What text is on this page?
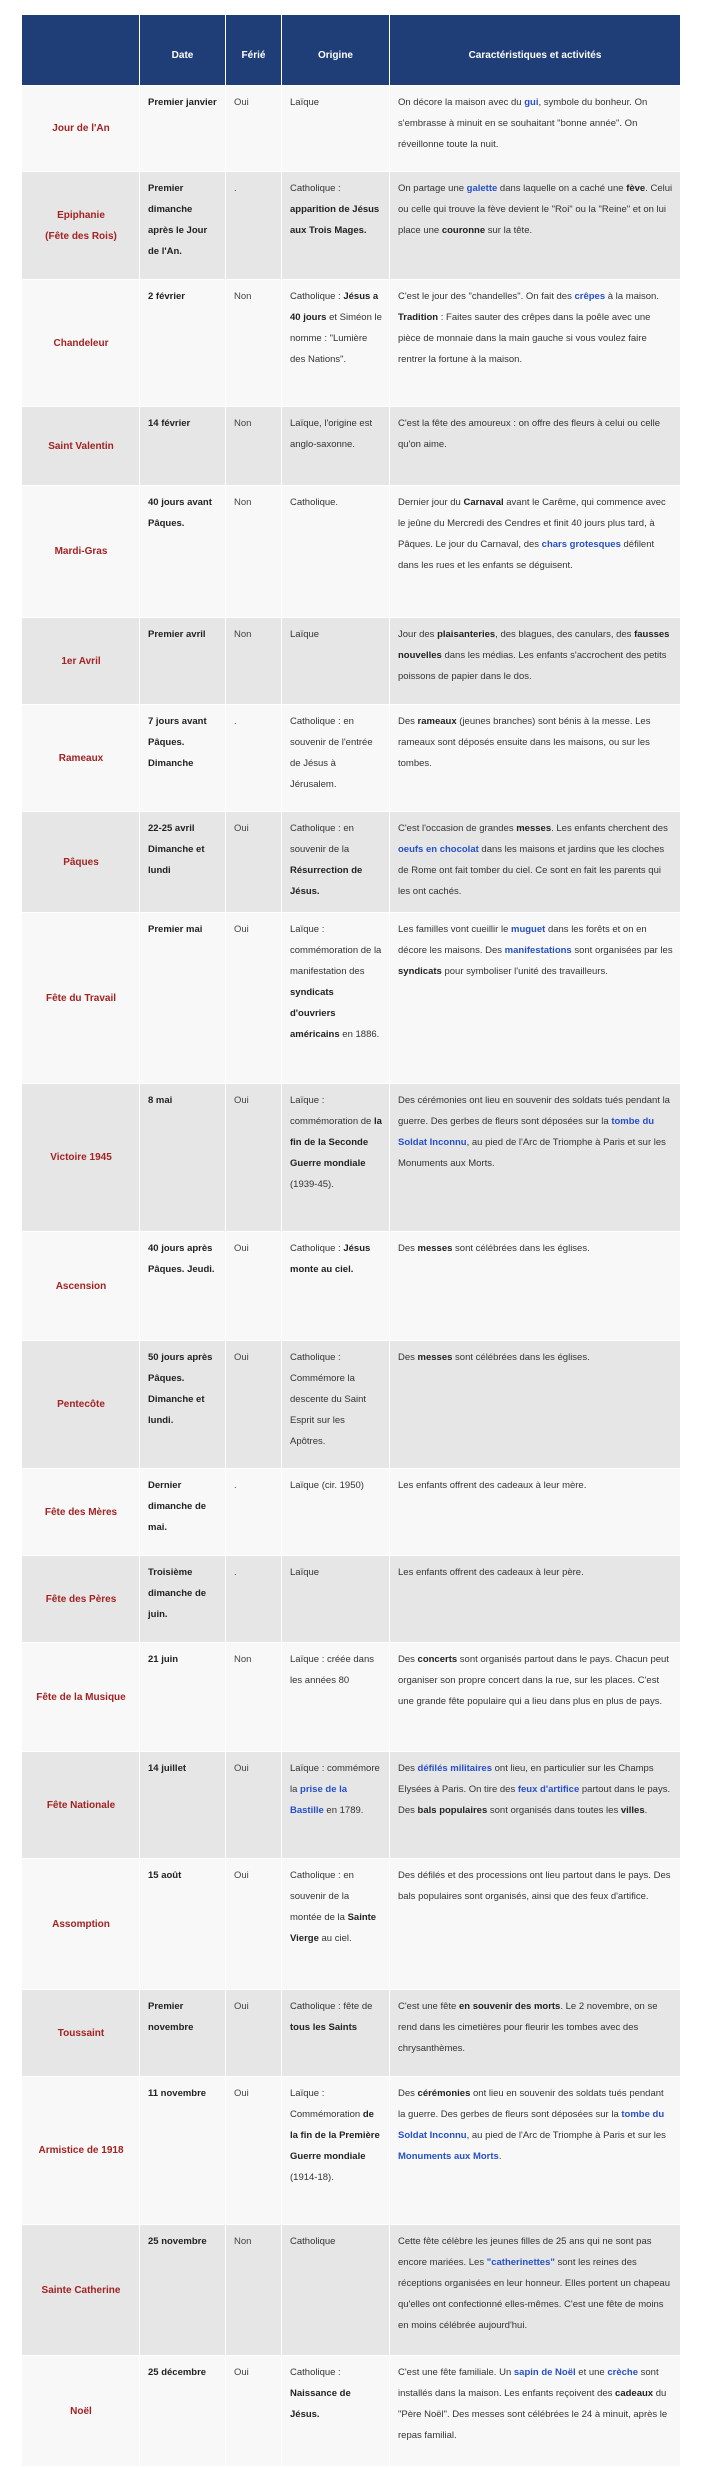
	Date	Férié	Origine	Caractéristiques et activités

Jour de l'An	Premier janvier	Oui	Laïque	On décore la maison avec du gui, symbole du bonheur. On s'embrasse à minuit en se souhaitant "bonne année". On réveillonne toute la nuit.

Epiphanie
(Fête des Rois)	Premier dimanche après le Jour de l'An.	.	Catholique : apparition de Jésus aux Trois Mages.	On partage une galette dans laquelle on a caché une fève. Celui ou celle qui trouve la fève devient le "Roi" ou la "Reine" et on lui place une couronne sur la tête.

Chandeleur	2 février	Non	Catholique : Jésus a 40 jours et Siméon le nomme : "Lumière des Nations".	C'est le jour des "chandelles". On fait des crêpes à la maison. Tradition : Faites sauter des crêpes dans la poêle avec une pièce de monnaie dans la main gauche si vous voulez faire rentrer la fortune à la maison.

Saint Valentin	14 février	Non	Laïque, l'origine est anglo-saxonne.	C'est la fête des amoureux : on offre des fleurs à celui ou celle qu'on aime.

Mardi-Gras	40 jours avant Pâques.	Non	Catholique.	Dernier jour du Carnaval avant le Carême, qui commence avec le jeûne du Mercredi des Cendres et finit 40 jours plus tard, à Pâques. Le jour du Carnaval, des chars grotesques défilent dans les rues et les enfants se déguisent.

1er Avril	Premier avril	Non	Laïque	Jour des plaisanteries, des blagues, des canulars, des fausses nouvelles dans les médias. Les enfants s'accrochent des petits poissons de papier dans le dos.

Rameaux	7 jours avant Pâques. Dimanche	.	Catholique : en souvenir de l'entrée de Jésus à Jérusalem.	Des rameaux (jeunes branches) sont bénis à la messe. Les rameaux sont déposés ensuite dans les maisons, ou sur les tombes.

Pâques	22-25 avril Dimanche et lundi	Oui	Catholique : en souvenir de la Résurrection de Jésus.	C'est l'occasion de grandes messes. Les enfants cherchent des oeufs en chocolat dans les maisons et jardins que les cloches de Rome ont fait tomber du ciel. Ce sont en fait les parents qui les ont cachés.

Fête du Travail	Premier mai	Oui	Laïque : commémoration de la manifestation des syndicats d'ouvriers américains en 1886.	Les familles vont cueillir le muguet dans les forêts et on en décore les maisons. Des manifestations sont organisées par les syndicats pour symboliser l'unité des travailleurs.

Victoire 1945	8 mai	Oui	Laïque : commémoration de la fin de la Seconde Guerre mondiale (1939-45).	Des cérémonies ont lieu en souvenir des soldats tués pendant la guerre. Des gerbes de fleurs sont déposées sur la tombe du Soldat Inconnu, au pied de l'Arc de Triomphe à Paris et sur les Monuments aux Morts.

Ascension	40 jours après Pâques. Jeudi.	Oui	Catholique : Jésus monte au ciel.	Des messes sont célébrées dans les églises.

Pentecôte	50 jours après Pâques. Dimanche et lundi.	Oui	Catholique : Commémore la descente du Saint Esprit sur les Apôtres.	Des messes sont célébrées dans les églises.

Fête des Mères	Dernier dimanche de mai.	.	Laïque (cir. 1950)	Les enfants offrent des cadeaux à leur mère.

Fête des Pères	Troisième dimanche de juin.	.	Laïque	Les enfants offrent des cadeaux à leur père.

Fête de la Musique	21 juin	Non	Laïque : créée dans les années 80	Des concerts sont organisés partout dans le pays. Chacun peut organiser son propre concert dans la rue, sur les places. C'est une grande fête populaire qui a lieu dans plus en plus de pays.

Fête Nationale	14 juillet	Oui	Laïque : commémore la prise de la Bastille en 1789.	Des défilés militaires ont lieu, en particulier sur les Champs Elysées à Paris. On tire des feux d'artifice partout dans le pays. Des bals populaires sont organisés dans toutes les villes.

Assomption	15 août	Oui	Catholique : en souvenir de la montée de la Sainte Vierge au ciel.	Des défilés et des processions ont lieu partout dans le pays. Des bals populaires sont organisés, ainsi que des feux d'artifice.

Toussaint	Premier novembre	Oui	Catholique : fête de tous les Saints	C'est une fête en souvenir des morts. Le 2 novembre, on se rend dans les cimetières pour fleurir les tombes avec des chrysanthèmes.

Armistice de 1918	11 novembre	Oui	Laïque : Commémoration de la fin de la Première Guerre mondiale (1914-18).	Des cérémonies ont lieu en souvenir des soldats tués pendant la guerre. Des gerbes de fleurs sont déposées sur la tombe du Soldat Inconnu, au pied de l'Arc de Triomphe à Paris et sur les Monuments aux Morts.

Sainte Catherine	25 novembre	Non	Catholique	Cette fête célèbre les jeunes filles de 25 ans qui ne sont pas encore mariées. Les "catherinettes" sont les reines des réceptions organisées en leur honneur. Elles portent un chapeau qu'elles ont confectionné elles-mêmes. C'est une fête de moins en moins célébrée aujourd'hui.

Noël	25 décembre	Oui	Catholique : Naissance de Jésus.	C'est une fête familiale. Un sapin de Noël et une crèche sont installés dans la maison. Les enfants reçoivent des cadeaux du "Père Noël". Des messes sont célébrées le 24 à minuit, après le repas familial.
